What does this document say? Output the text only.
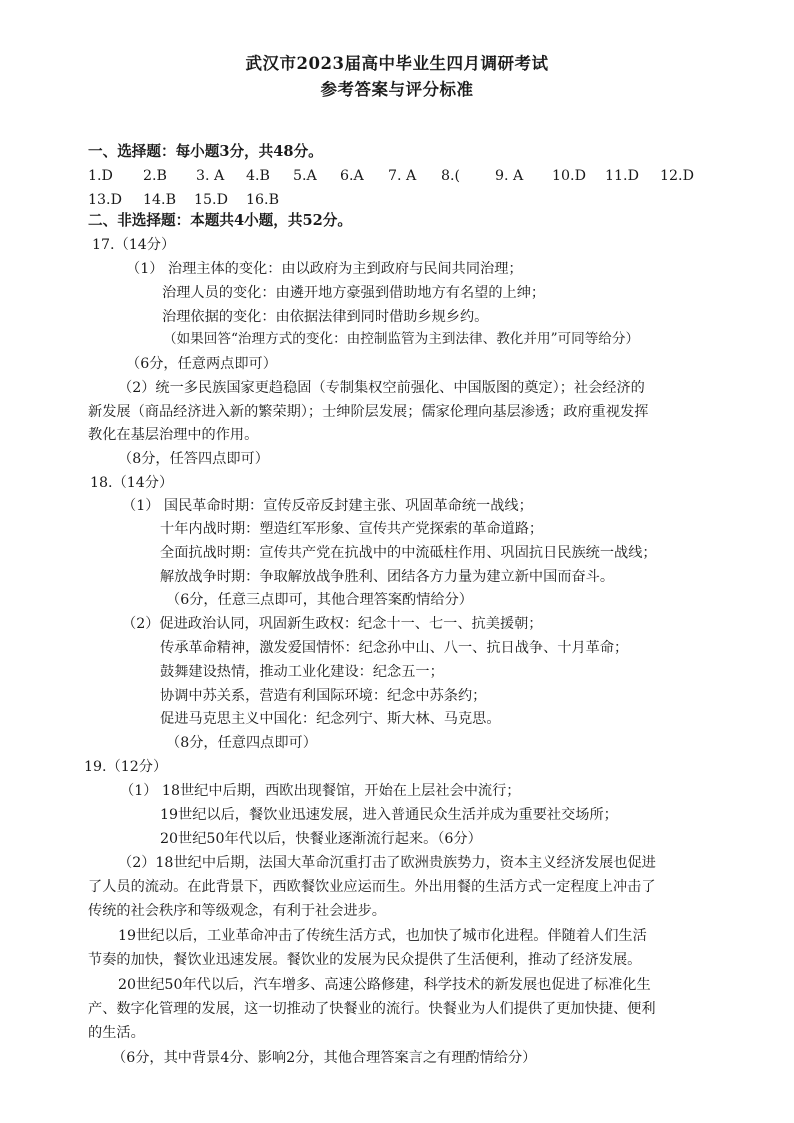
武汉市2023届高中毕业生四月调研考试
参考答案与评分标准
一、选择题：每小题3分，共48分。
1.D 2.B 3. A 4.B 5.A 6.A 7. A 8.( 9. A 10.D 11.D 12.D
13.D 14.B 15.D 16.B
二、非选择题：本题共4小题，共52分。
17.（14分）
（1） 治理主体的变化：由以政府为主到政府与民间共同治理；
治理人员的变化：由遴开地方豪强到借助地方有名望的上绅；
治理依据的变化：由依据法律到同时借助乡规乡约。
（如果回答“治理方式的变化：由控制监管为主到法律、教化并用”可同等给分）
（6分，任意两点即可）
（2）统一多民族国家更趋稳固（专制集权空前强化、中国版图的奠定）；社会经济的
新发展（商品经济进入新的繁荣期）；士绅阶层发展；儒家伦理向基层渗透；政府重视发挥
教化在基层治理中的作用。
（8分，任答四点即可）
18.（14分）
（1） 国民革命时期：宣传反帝反封建主张、巩固革命统一战线；
十年内战时期：塑造红军形象、宣传共产党探索的革命道路；
全面抗战时期：宣传共产党在抗战中的中流砥柱作用、巩固抗日民族统一战线；
解放战争时期：争取解放战争胜利、团结各方力量为建立新中国而奋斗。
（6分，任意三点即可，其他合理答案酌情给分）
（2）促进政治认同，巩固新生政权：纪念十一、七一、抗美援朝；
传承革命精神，激发爱国情怀：纪念孙中山、八一、抗日战争、十月革命；
鼓舞建设热情，推动工业化建设：纪念五一；
协调中苏关系，营造有利国际环境：纪念中苏条约；
促进马克思主义中国化：纪念列宁、斯大林、马克思。
（8分，任意四点即可）
19.（12分）
（1） 18世纪中后期，西欧出现餐馆，开始在上层社会中流行；
19世纪以后，餐饮业迅速发展，进入普通民众生活并成为重要社交场所；
20世纪50年代以后，快餐业逐渐流行起来。（6分）
（2）18世纪中后期，法国大革命沉重打击了欧洲贵族势力，资本主义经济发展也促进
了人员的流动。在此背景下，西欧餐饮业应运而生。外出用餐的生活方式一定程度上冲击了
传统的社会秩序和等级观念，有利于社会进步。
19世纪以后，工业革命冲击了传统生活方式，也加快了城市化进程。伴随着人们生活
节奏的加快，餐饮业迅速发展。餐饮业的发展为民众提供了生活便利，推动了经济发展。
20世纪50年代以后，汽车增多、高速公路修建，科学技术的新发展也促进了标准化生
产、数字化管理的发展，这一切推动了快餐业的流行。快餐业为人们提供了更加快捷、便利
的生活。
（6分，其中背景4分、影响2分，其他合理答案言之有理酌情给分）
